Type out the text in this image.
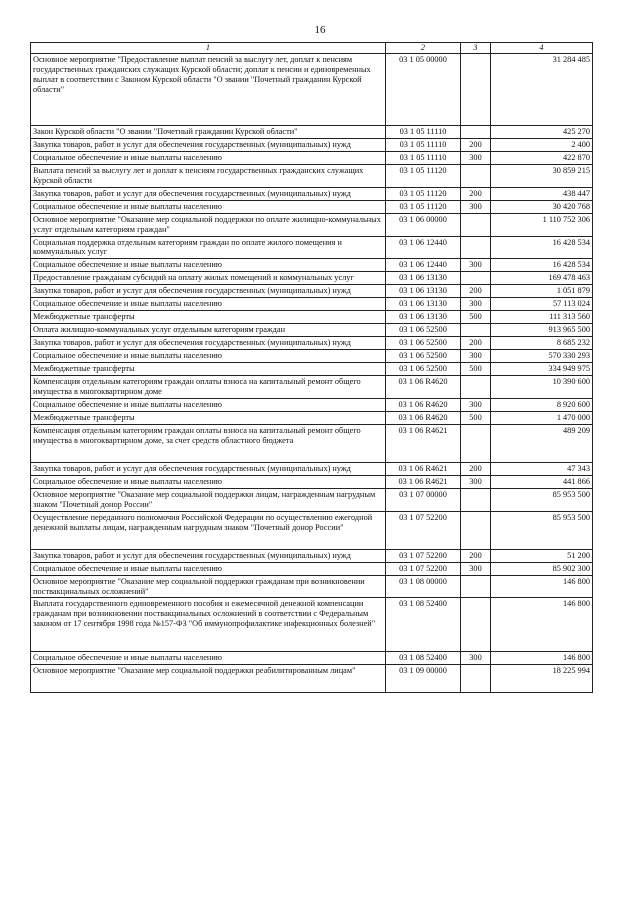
16
1	2	3	4
Основное мероприятие "Предоставление выплат пенсий за выслугу лет, доплат к пенсиям государственных гражданских служащих Курской области; доплат к пенсии и единовременных выплат в соответствии с Законом Курской области "О звании "Почетный гражданин Курской области"	03 1 05 00000		31 284 485
Закон Курской области "О звании "Почетный гражданин Курской области"	03 1 05 11110		425 270
Закупка товаров, работ и услуг для обеспечения государственных (муниципальных) нужд	03 1 05 11110	200	2 400
Социальное обеспечение и иные выплаты населению	03 1 05 11110	300	422 870
Выплата пенсий за выслугу лет и доплат к пенсиям государственных гражданских служащих Курской области	03 1 05 11120		30 859 215
Закупка товаров, работ и услуг для обеспечения государственных (муниципальных) нужд	03 1 05 11120	200	438 447
Социальное обеспечение и иные выплаты населению	03 1 05 11120	300	30 420 768
Основное мероприятие "Оказание мер социальной поддержки по оплате жилищно-коммунальных услуг отдельным категориям граждан"	03 1 06 00000		1 110 752 306
Социальная поддержка отдельным категориям граждан по оплате жилого помещения и коммунальных услуг	03 1 06 12440		16 428 534
Социальное обеспечение и иные выплаты населению	03 1 06 12440	300	16 428 534
Предоставление гражданам субсидий на оплату жилых помещений и коммунальных услуг	03 1 06 13130		169 478 463
Закупка товаров, работ и услуг для обеспечения государственных (муниципальных) нужд	03 1 06 13130	200	1 051 879
Социальное обеспечение и иные выплаты населению	03 1 06 13130	300	57 113 024
Межбюджетные трансферты	03 1 06 13130	500	111 313 560
Оплата жилищно-коммунальных услуг отдельным категориям граждан	03 1 06 52500		913 965 500
Закупка товаров, работ и услуг для обеспечения государственных (муниципальных) нужд	03 1 06 52500	200	8 685 232
Социальное обеспечение и иные выплаты населению	03 1 06 52500	300	570 330 293
Межбюджетные трансферты	03 1 06 52500	500	334 949 975
Компенсация отдельным категориям граждан оплаты взноса на капитальный ремонт общего имущества в многоквартирном доме	03 1 06 R4620		10 390 600
Социальное обеспечение и иные выплаты населению	03 1 06 R4620	300	8 920 600
Межбюджетные трансферты	03 1 06 R4620	500	1 470 000
Компенсация отдельным категориям граждан оплаты взноса на капитальный ремонт общего имущества в многоквартирном доме, за счет средств областного бюджета	03 1 06 R4621		489 209
Закупка товаров, работ и услуг для обеспечения государственных (муниципальных) нужд	03 1 06 R4621	200	47 343
Социальное обеспечение и иные выплаты населению	03 1 06 R4621	300	441 866
Основное мероприятие "Оказание мер социальной поддержки лицам, награжденным нагрудным знаком "Почетный донор России"	03 1 07 00000		85 953 500
Осуществление переданного полномочия Российской Федерации по осуществлению ежегодной денежной выплаты лицам, награжденным нагрудным знаком "Почетный донор России"	03 1 07 52200		85 953 500
Закупка товаров, работ и услуг для обеспечения государственных (муниципальных) нужд	03 1 07 52200	200	51 200
Социальное обеспечение и иные выплаты населению	03 1 07 52200	300	85 902 300
Основное мероприятие "Оказание мер социальной поддержки гражданам при возникновении поствакцинальных осложнений"	03 1 08 00000		146 800
Выплата государственного единовременного пособия и ежемесячной денежной компенсации гражданам при возникновении поствакцинальных осложнений в соответствии с Федеральным законом от 17 сентября 1998 года №157-ФЗ "Об иммунопрофилактике инфекционных болезней"	03 1 08 52400		146 800
Социальное обеспечение и иные выплаты населению	03 1 08 52400	300	146 800
Основное мероприятие "Оказание мер социальной поддержки реабилитированным лицам"	03 1 09 00000		18 225 994
